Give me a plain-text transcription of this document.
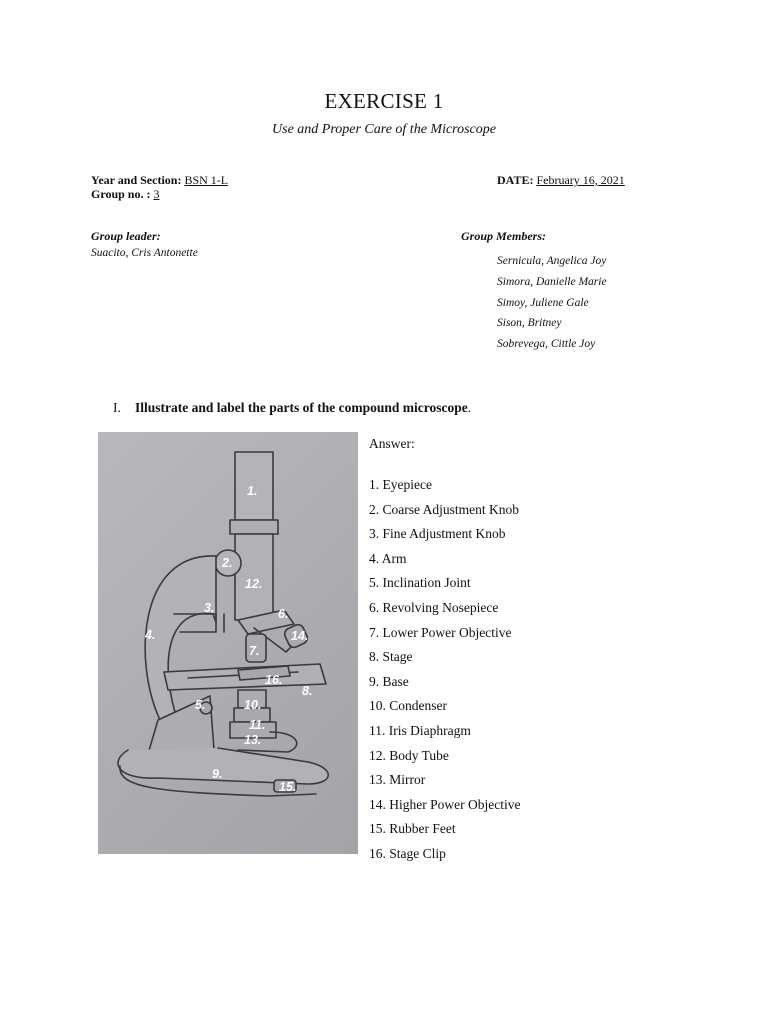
EXERCISE 1
Use and Proper Care of the Microscope
Year and Section: BSN 1-L
Group no. : 3
DATE: February 16, 2021
Group leader:
Suacito, Cris Antonette
Group Members:
Sernicula, Angelica Joy
Simora, Danielle Marie
Simoy, Juliene Gale
Sison, Britney
Sobrevega, Cittle Joy
I. Illustrate and label the parts of the compound microscope.
1.
2.
12.
3.	6.
4.	14.
7.
16.
8.
5.	10.
11.
13.
9.
15.
Answer:
1. Eyepiece
2. Coarse Adjustment Knob
3. Fine Adjustment Knob
4. Arm
5. Inclination Joint
6. Revolving Nosepiece
7. Lower Power Objective
8. Stage
9. Base
10. Condenser
11. Iris Diaphragm
12. Body Tube
13. Mirror
14. Higher Power Objective
15. Rubber Feet
16. Stage Clip
